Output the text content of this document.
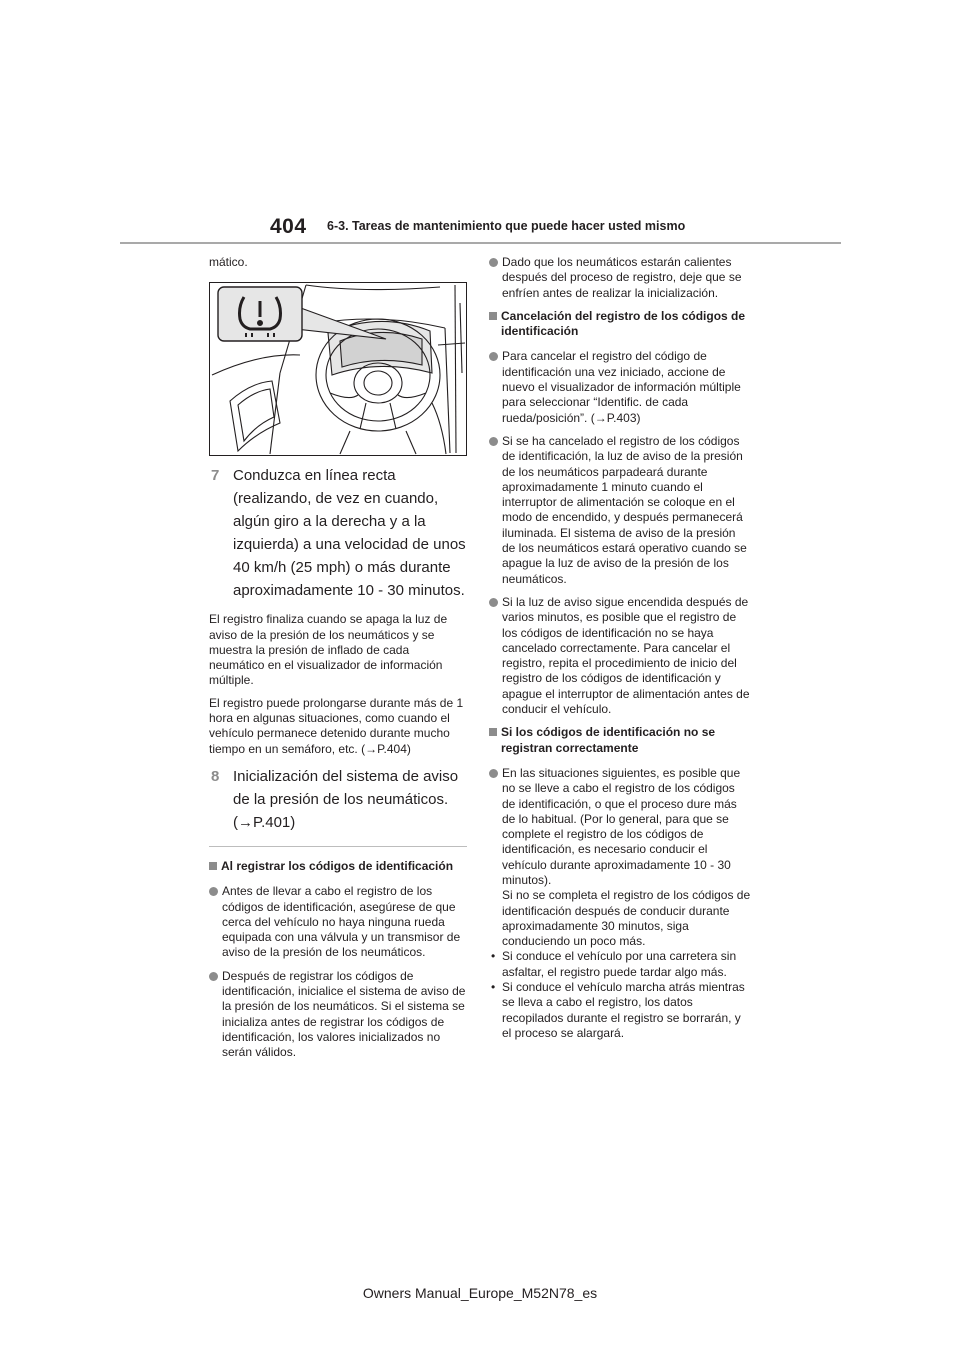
404 6-3. Tareas de mantenimiento que puede hacer usted mismo

mático.

7 Conduzca en línea recta (realizando, de vez en cuando, algún giro a la derecha y a la izquierda) a una velocidad de unos 40 km/h (25 mph) o más durante aproximadamente 10 - 30 minutos.

El registro finaliza cuando se apaga la luz de aviso de la presión de los neumáticos y se muestra la presión de inflado de cada neumático en el visualizador de información múltiple.

El registro puede prolongarse durante más de 1 hora en algunas situaciones, como cuando el vehículo permanece detenido durante mucho tiempo en un semáforo, etc. (→P.404)

8 Inicialización del sistema de aviso de la presión de los neumáticos. (→P.401)
Al registrar los códigos de identificación
Antes de llevar a cabo el registro de los códigos de identificación, asegúrese de que cerca del vehículo no haya ninguna rueda equipada con una válvula y un transmisor de aviso de la presión de los neumáticos.
Después de registrar los códigos de identificación, inicialice el sistema de aviso de la presión de los neumáticos. Si el sistema se inicializa antes de registrar los códigos de identificación, los valores inicializados no serán válidos.
Dado que los neumáticos estarán calientes después del proceso de registro, deje que se enfríen antes de realizar la inicialización.
Cancelación del registro de los códigos de identificación
Para cancelar el registro del código de identificación una vez iniciado, accione de nuevo el visualizador de información múltiple para seleccionar “Identific. de cada rueda/posición”. (→P.403)
Si se ha cancelado el registro de los códigos de identificación, la luz de aviso de la presión de los neumáticos parpadeará durante aproximadamente 1 minuto cuando el interruptor de alimentación se coloque en el modo de encendido, y después permanecerá iluminada. El sistema de aviso de la presión de los neumáticos estará operativo cuando se apague la luz de aviso de la presión de los neumáticos.
Si la luz de aviso sigue encendida después de varios minutos, es posible que el registro de los códigos de identificación no se haya cancelado correctamente. Para cancelar el registro, repita el procedimiento de inicio del registro de los códigos de identificación y apague el interruptor de alimentación antes de conducir el vehículo.
Si los códigos de identificación no se registran correctamente
En las situaciones siguientes, es posible que no se lleve a cabo el registro de los códigos de identificación, o que el proceso dure más de lo habitual. (Por lo general, para que se complete el registro de los códigos de identificación, es necesario conducir el vehículo durante aproximadamente 10 - 30 minutos).
Si no se completa el registro de los códigos de identificación después de conducir durante aproximadamente 30 minutos, siga conduciendo un poco más.
• Si conduce el vehículo por una carretera sin asfaltar, el registro puede tardar algo más.
• Si conduce el vehículo marcha atrás mientras se lleva a cabo el registro, los datos recopilados durante el registro se borrarán, y el proceso se alargará.
Owners Manual_Europe_M52N78_es
